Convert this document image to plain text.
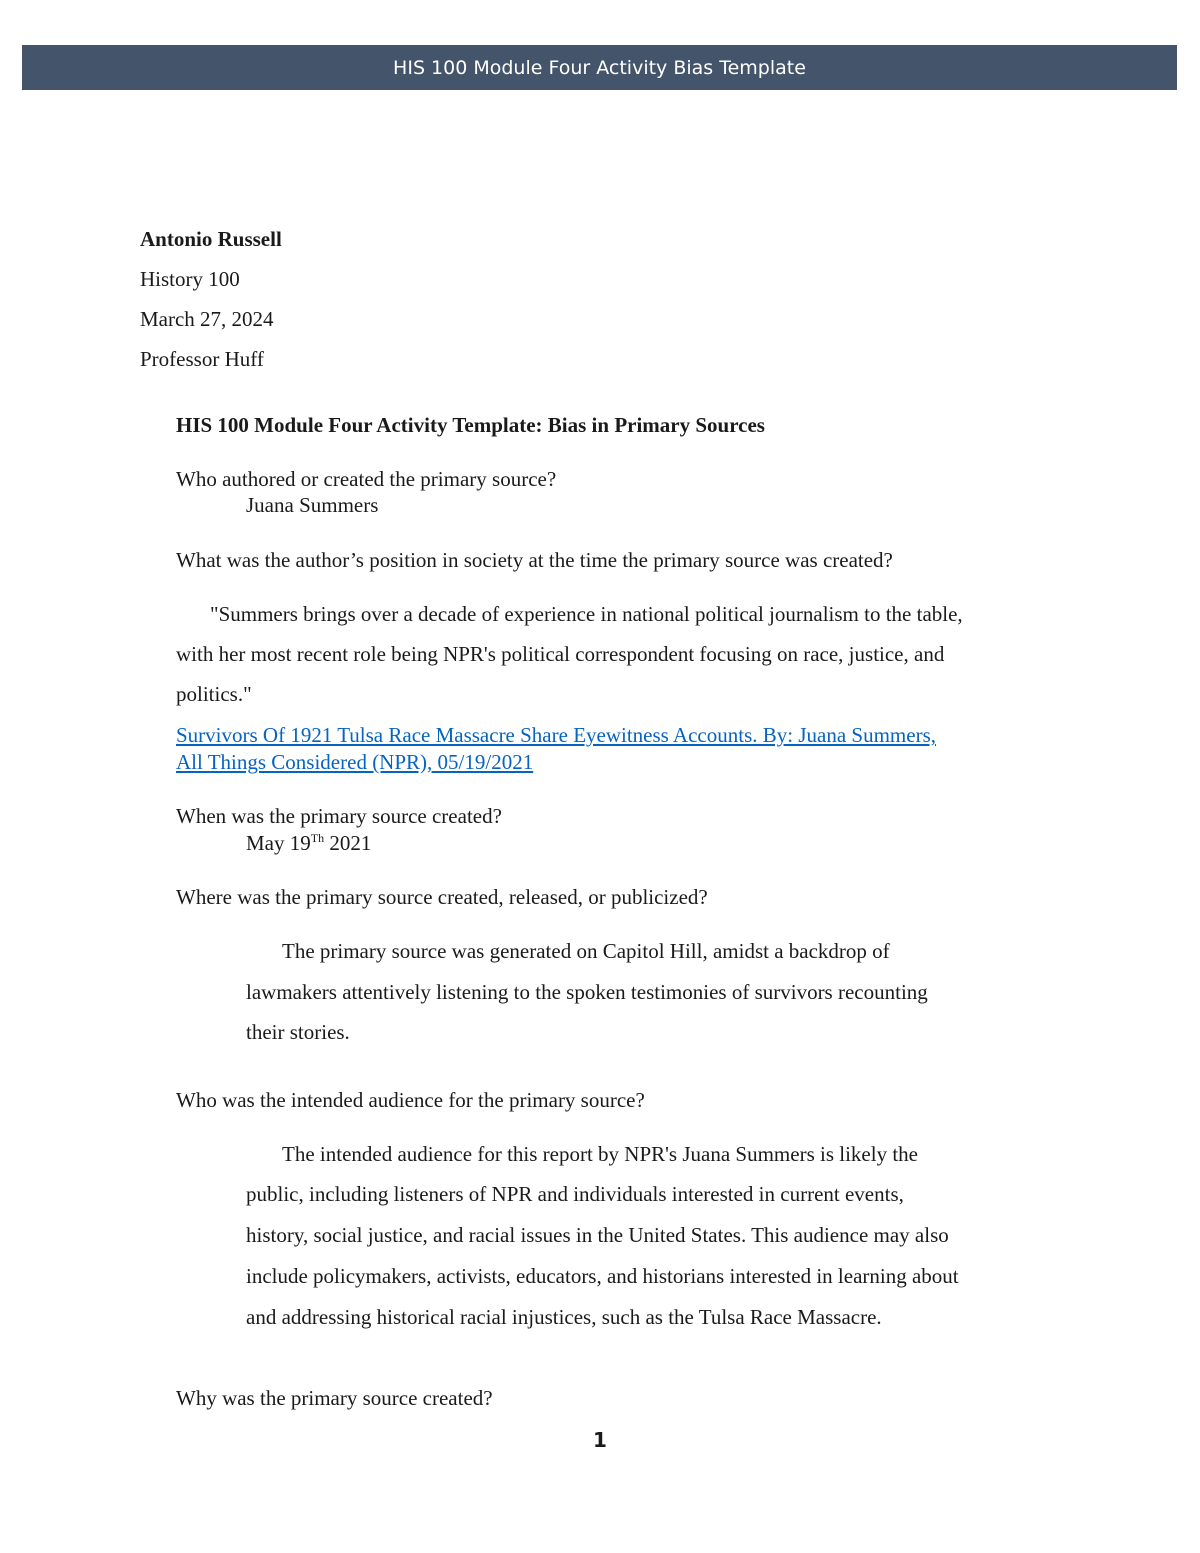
HIS 100 Module Four Activity Bias Template
Antonio Russell
History 100
March 27, 2024
Professor Huff
HIS 100 Module Four Activity Template: Bias in Primary Sources
Who authored or created the primary source?
Juana Summers
What was the author’s position in society at the time the primary source was created?
"Summers brings over a decade of experience in national political journalism to the table,
with her most recent role being NPR's political correspondent focusing on race, justice, and
politics."
Survivors Of 1921 Tulsa Race Massacre Share Eyewitness Accounts. By: Juana Summers,
All Things Considered (NPR), 05/19/2021
When was the primary source created?
May 19Th 2021
Where was the primary source created, released, or publicized?
The primary source was generated on Capitol Hill, amidst a backdrop of
lawmakers attentively listening to the spoken testimonies of survivors recounting
their stories.
Who was the intended audience for the primary source?
The intended audience for this report by NPR's Juana Summers is likely the
public, including listeners of NPR and individuals interested in current events,
history, social justice, and racial issues in the United States. This audience may also
include policymakers, activists, educators, and historians interested in learning about
and addressing historical racial injustices, such as the Tulsa Race Massacre.
Why was the primary source created?
1
